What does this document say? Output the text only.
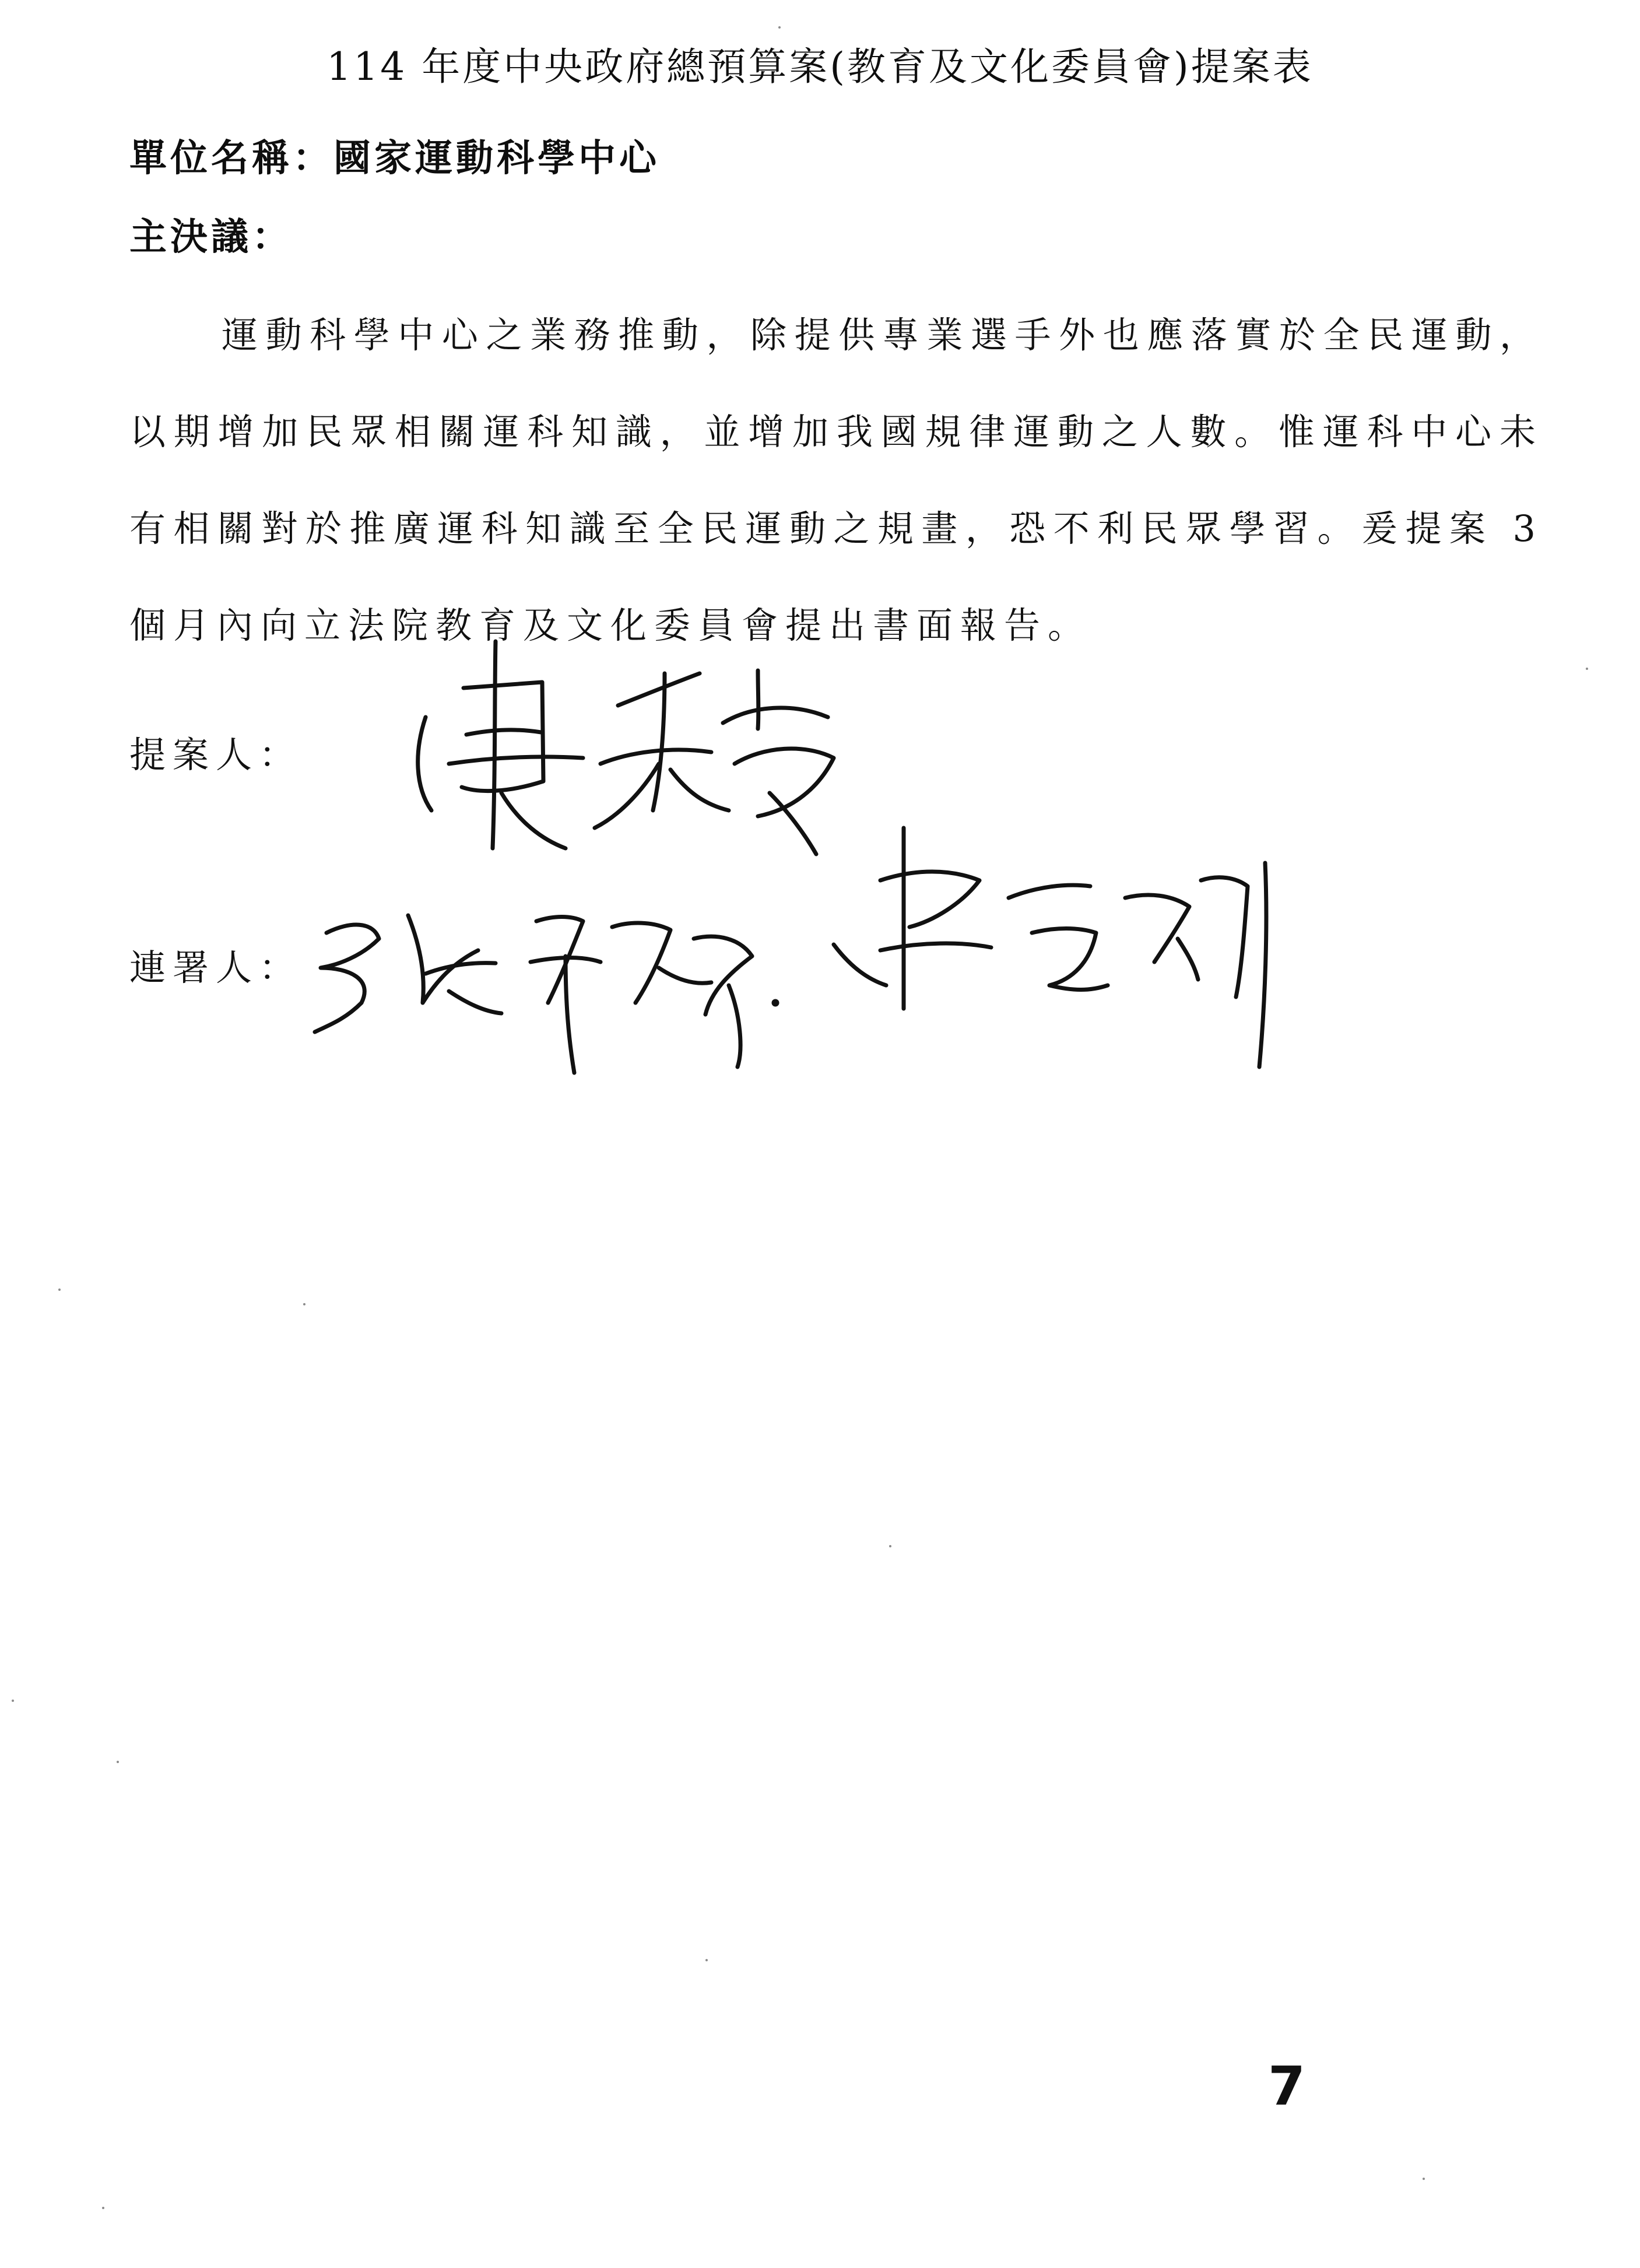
114 年度中央政府總預算案(教育及文化委員會)提案表
單位名稱：國家運動科學中心
主決議：

運動科學中心之業務推動，除提供專業選手外也應落實於全民運動，以期增加民眾相關運科知識，並增加我國規律運動之人數。惟運科中心未有相關對於推廣運科知識至全民運動之規畫，恐不利民眾學習。爰提案 3 個月內向立法院教育及文化委員會提出書面報告。

提案人：
連署人：
7
